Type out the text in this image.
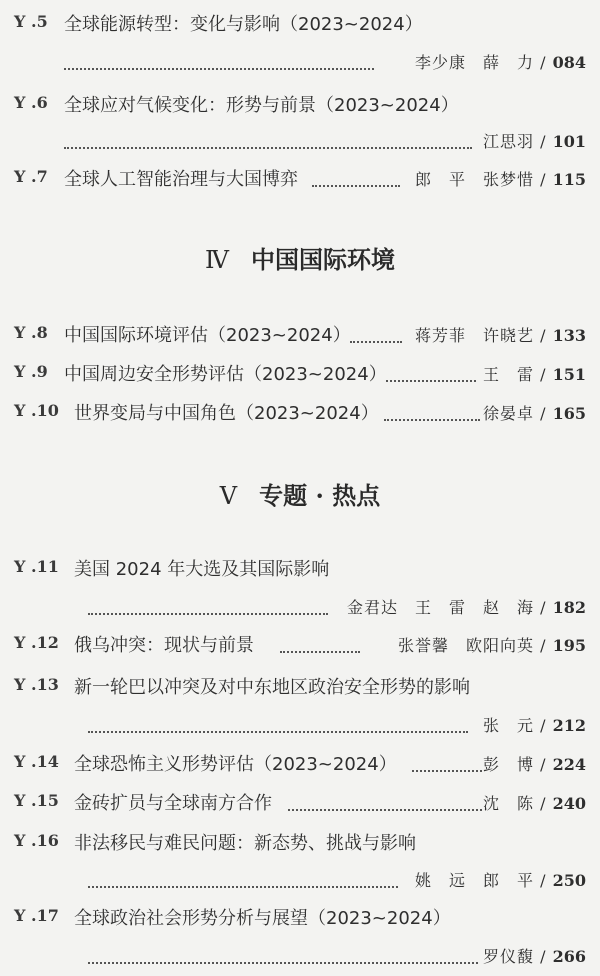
Y .5 全球能源转型：变化与影响（2023~2024）
李少康　薛　力 / 084
Y .6 全球应对气候变化：形势与前景（2023~2024）
江思羽 / 101
Y .7 全球人工智能治理与大国博弈	郎　平　张梦惜 / 115
Ⅳ 中国国际环境
Y .8 中国国际环境评估（2023~2024）	蒋芳菲　许晓艺 / 133
Y .9 中国周边安全形势评估（2023~2024）	王　雷 / 151
Y .10 世界变局与中国角色（2023~2024）	徐晏卓 / 165
Ⅴ 专题 · 热点
Y .11 美国 2024 年大选及其国际影响
金君达　王　雷　赵　海 / 182
Y .12 俄乌冲突：现状与前景	张誉馨　欧阳向英 / 195
Y .13 新一轮巴以冲突及对中东地区政治安全形势的影响
张　元 / 212
Y .14 全球恐怖主义形势评估（2023~2024）	彭　博 / 224
Y .15 金砖扩员与全球南方合作	沈　陈 / 240
Y .16 非法移民与难民问题：新态势、挑战与影响
姚　远　郎　平 / 250
Y .17 全球政治社会形势分析与展望（2023~2024）
罗仪馥 / 266
